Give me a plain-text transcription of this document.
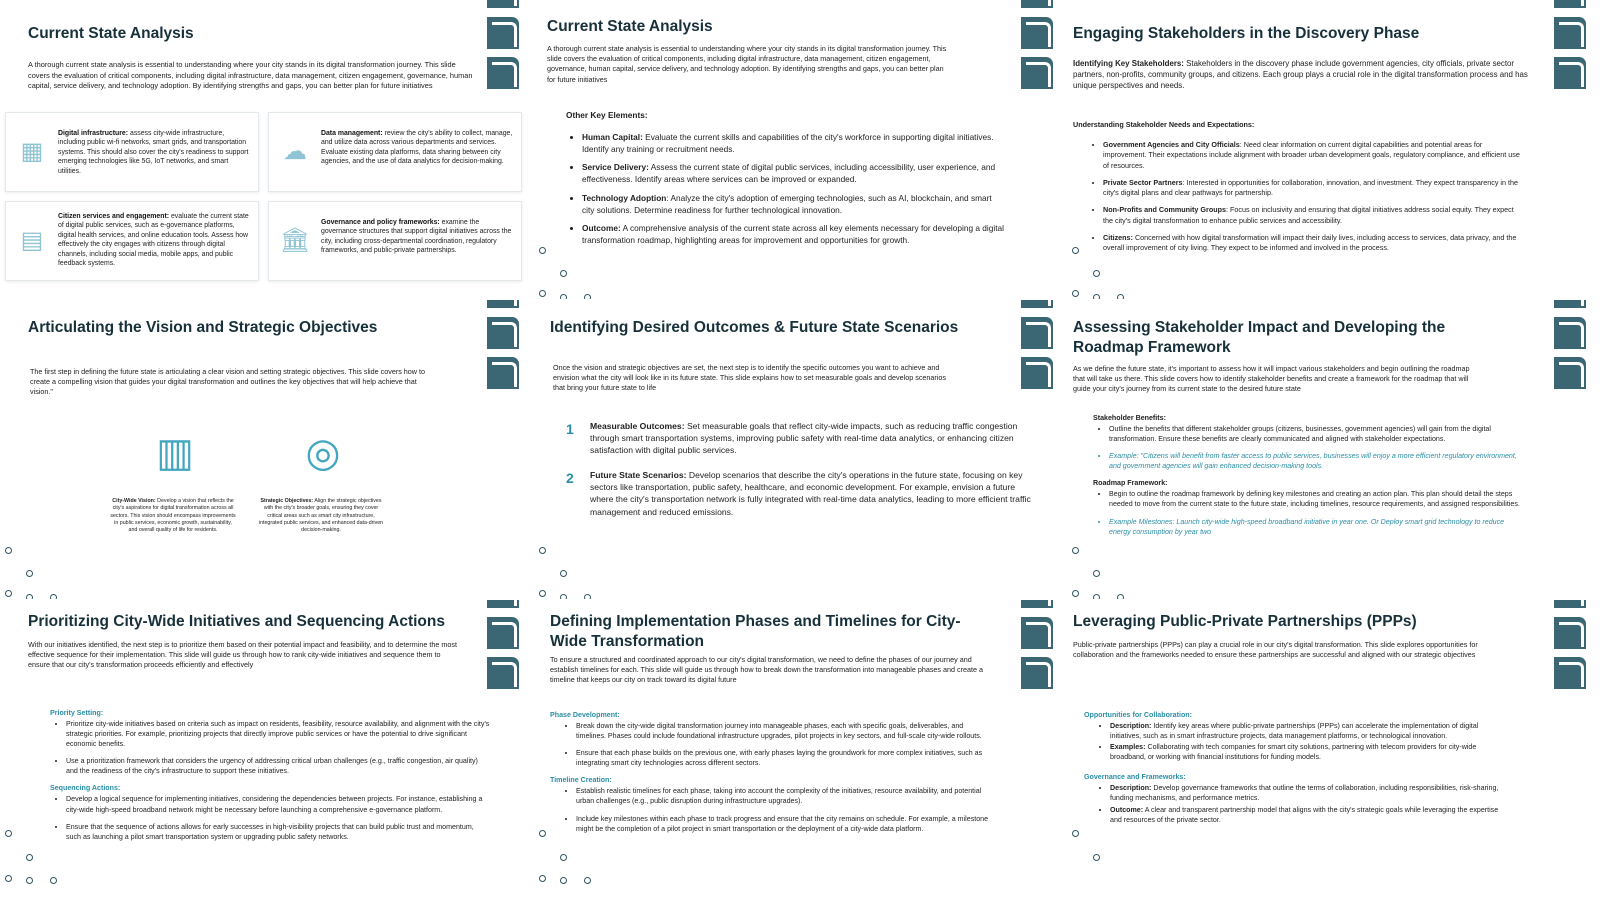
Current State Analysis
A thorough current state analysis is essential to understanding where your city stands in its digital transformation journey. This slide covers the evaluation of critical components, including digital infrastructure, data management, citizen engagement, governance, human capital, service delivery, and technology adoption. By identifying strengths and gaps, you can better plan for future initiatives
▦
Digital infrastructure: assess city-wide infrastructure, including public wi-fi networks, smart grids, and transportation systems. This should also cover the city's readiness to support emerging technologies like 5G, IoT networks, and smart utilities.
☁
Data management: review the city's ability to collect, manage, and utilize data across various departments and services. Evaluate existing data platforms, data sharing between city agencies, and the use of data analytics for decision-making.
▤
Citizen services and engagement: evaluate the current state of digital public services, such as e-governance platforms, digital health services, and online education tools. Assess how effectively the city engages with citizens through digital channels, including social media, mobile apps, and public feedback systems.
🏛
Governance and policy frameworks: examine the governance structures that support digital initiatives across the city, including cross-departmental coordination, regulatory frameworks, and public-private partnerships.
Current State Analysis
A thorough current state analysis is essential to understanding where your city stands in its digital transformation journey. This slide covers the evaluation of critical components, including digital infrastructure, data management, citizen engagement, governance, human capital, service delivery, and technology adoption. By identifying strengths and gaps, you can better plan for future initiatives
Other Key Elements:
• Human Capital: Evaluate the current skills and capabilities of the city's workforce in supporting digital initiatives. Identify any training or recruitment needs.
• Service Delivery: Assess the current state of digital public services, including accessibility, user experience, and effectiveness. Identify areas where services can be improved or expanded.
• Technology Adoption: Analyze the city's adoption of emerging technologies, such as AI, blockchain, and smart city solutions. Determine readiness for further technological innovation.
• Outcome: A comprehensive analysis of the current state across all key elements necessary for developing a digital transformation roadmap, highlighting areas for improvement and opportunities for growth.
Engaging Stakeholders in the Discovery Phase
Identifying Key Stakeholders: Stakeholders in the discovery phase include government agencies, city officials, private sector partners, non-profits, community groups, and citizens. Each group plays a crucial role in the digital transformation process and has unique perspectives and needs.
Understanding Stakeholder Needs and Expectations:
• Government Agencies and City Officials: Need clear information on current digital capabilities and potential areas for improvement. Their expectations include alignment with broader urban development goals, regulatory compliance, and efficient use of resources.
• Private Sector Partners: Interested in opportunities for collaboration, innovation, and investment. They expect transparency in the city's digital plans and clear pathways for partnership.
• Non-Profits and Community Groups: Focus on inclusivity and ensuring that digital initiatives address social equity. They expect the city's digital transformation to enhance public services and accessibility.
• Citizens: Concerned with how digital transformation will impact their daily lives, including access to services, data privacy, and the overall improvement of city living. They expect to be informed and involved in the process.
Articulating the Vision and Strategic Objectives
The first step in defining the future state is articulating a clear vision and setting strategic objectives. This slide covers how to create a compelling vision that guides your digital transformation and outlines the key objectives that will help achieve that vision."
▥	◎
City-Wide Vision: Develop a vision that reflects the city's aspirations for digital transformation across all sectors. This vision should encompass improvements in public services, economic growth, sustainability, and overall quality of life for residents.
Strategic Objectives: Align the strategic objectives with the city's broader goals, ensuring they cover critical areas such as smart city infrastructure, integrated public services, and enhanced data-driven decision-making.
Identifying Desired Outcomes & Future State Scenarios
Once the vision and strategic objectives are set, the next step is to identify the specific outcomes you want to achieve and envision what the city will look like in its future state. This slide explains how to set measurable goals and develop scenarios that bring your future state to life
1 Measurable Outcomes: Set measurable goals that reflect city-wide impacts, such as reducing traffic congestion through smart transportation systems, improving public safety with real-time data analytics, or enhancing citizen satisfaction with digital public services.
2 Future State Scenarios: Develop scenarios that describe the city's operations in the future state, focusing on key sectors like transportation, public safety, healthcare, and economic development. For example, envision a future where the city's transportation network is fully integrated with real-time data analytics, leading to more efficient traffic management and reduced emissions.
Assessing Stakeholder Impact and Developing the Roadmap Framework
As we define the future state, it's important to assess how it will impact various stakeholders and begin outlining the roadmap that will take us there. This slide covers how to identify stakeholder benefits and create a framework for the roadmap that will guide your city's journey from its current state to the desired future state
Stakeholder Benefits:
• Outline the benefits that different stakeholder groups (citizens, businesses, government agencies) will gain from the digital transformation. Ensure these benefits are clearly communicated and aligned with stakeholder expectations.
• Example: "Citizens will benefit from faster access to public services, businesses will enjoy a more efficient regulatory environment, and government agencies will gain enhanced decision-making tools.
Roadmap Framework:
• Begin to outline the roadmap framework by defining key milestones and creating an action plan. This plan should detail the steps needed to move from the current state to the future state, including timelines, resource requirements, and assigned responsibilities.
• Example Milestones: Launch city-wide high-speed broadband initiative in year one. Or Deploy smart grid technology to reduce energy consumption by year two
Prioritizing City-Wide Initiatives and Sequencing Actions
With our initiatives identified, the next step is to prioritize them based on their potential impact and feasibility, and to determine the most effective sequence for their implementation. This slide will guide us through how to rank city-wide initiatives and sequence them to ensure that our city's transformation proceeds efficiently and effectively
Priority Setting:
• Prioritize city-wide initiatives based on criteria such as impact on residents, feasibility, resource availability, and alignment with the city's strategic priorities. For example, prioritizing projects that directly improve public services or have the potential to drive significant economic benefits.
• Use a prioritization framework that considers the urgency of addressing critical urban challenges (e.g., traffic congestion, air quality) and the readiness of the city's infrastructure to support these initiatives.
Sequencing Actions:
• Develop a logical sequence for implementing initiatives, considering the dependencies between projects. For instance, establishing a city-wide high-speed broadband network might be necessary before launching a comprehensive e-governance platform.
• Ensure that the sequence of actions allows for early successes in high-visibility projects that can build public trust and momentum, such as launching a pilot smart transportation system or upgrading public safety networks.
Defining Implementation Phases and Timelines for City-Wide Transformation
To ensure a structured and coordinated approach to our city's digital transformation, we need to define the phases of our journey and establish timelines for each. This slide will guide us through how to break down the transformation into manageable phases and create a timeline that keeps our city on track toward its digital future
Phase Development:
• Break down the city-wide digital transformation journey into manageable phases, each with specific goals, deliverables, and timelines. Phases could include foundational infrastructure upgrades, pilot projects in key sectors, and full-scale city-wide rollouts.
• Ensure that each phase builds on the previous one, with early phases laying the groundwork for more complex initiatives, such as integrating smart city technologies across different sectors.
Timeline Creation:
• Establish realistic timelines for each phase, taking into account the complexity of the initiatives, resource availability, and potential urban challenges (e.g., public disruption during infrastructure upgrades).
• Include key milestones within each phase to track progress and ensure that the city remains on schedule. For example, a milestone might be the completion of a pilot project in smart transportation or the deployment of a city-wide data platform.
Leveraging Public-Private Partnerships (PPPs)
Public-private partnerships (PPPs) can play a crucial role in our city's digital transformation. This slide explores opportunities for collaboration and the frameworks needed to ensure these partnerships are successful and aligned with our strategic objectives
Opportunities for Collaboration:
• Description: Identify key areas where public-private partnerships (PPPs) can accelerate the implementation of digital initiatives, such as in smart infrastructure projects, data management platforms, or technological innovation.
• Examples: Collaborating with tech companies for smart city solutions, partnering with telecom providers for city-wide broadband, or working with financial institutions for funding models.
Governance and Frameworks:
• Description: Develop governance frameworks that outline the terms of collaboration, including responsibilities, risk-sharing, funding mechanisms, and performance metrics.
• Outcome: A clear and transparent partnership model that aligns with the city's strategic goals while leveraging the expertise and resources of the private sector.
